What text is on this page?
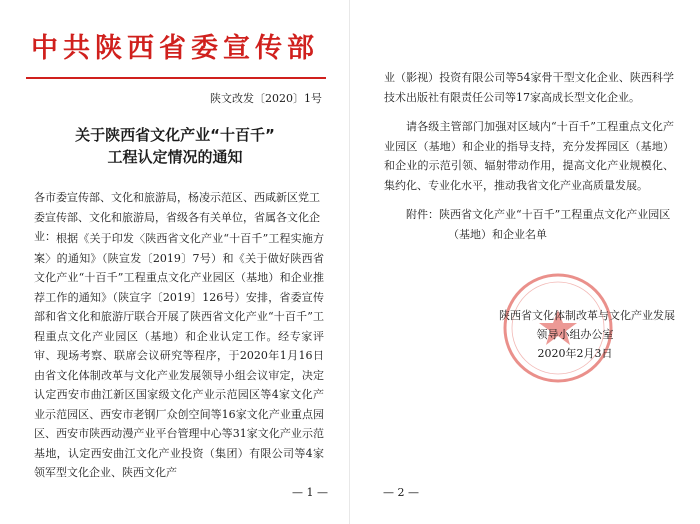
中共陕西省委宣传部
陕文改发〔2020〕1号
关于陕西省文化产业“十百千”
工程认定情况的通知
各市委宣传部、文化和旅游局，杨凌示范区、西咸新区党工委宣传部、文化和旅游局，省级各有关单位，省属各文化企业： 根据《关于印发〈陕西省文化产业“十百千”工程实施方案〉的通知》（陕宣发〔2019〕7号）和《关于做好陕西省文化产业“十百千”工程重点文化产业园区（基地）和企业推荐工作的通知》（陕宣字〔2019〕126号）安排，省委宣传部和省文化和旅游厅联合开展了陕西省文化产业“十百千”工程重点文化产业园区（基地）和企业认定工作。经专家评审、现场考察、联席会议研究等程序，于2020年1月16日由省文化体制改革与文化产业发展领导小组会议审定，决定认定西安市曲江新区国家级文化产业示范园区等4家文化产业示范园区、西安市老钢厂众创空间等16家文化产业重点园区、西安市陕西动漫产业平台管理中心等31家文化产业示范基地，认定西安曲江文化产业投资（集团）有限公司等4家领军型文化企业、陕西文化产
— 1 —
业（影视）投资有限公司等54家骨干型文化企业、陕西科学技术出版社有限责任公司等17家高成长型文化企业。
请各级主管部门加强对区域内“十百千”工程重点文化产业园区（基地）和企业的指导支持，充分发挥园区（基地）和企业的示范引领、辐射带动作用，提高文化产业规模化、集约化、专业化水平，推动我省文化产业高质量发展。
附件：陕西省文化产业“十百千”工程重点文化产业园区
（基地）和企业名单
陕西省文化体制改革与文化产业发展
领导小组办公室
2020年2月3日
— 2 —
